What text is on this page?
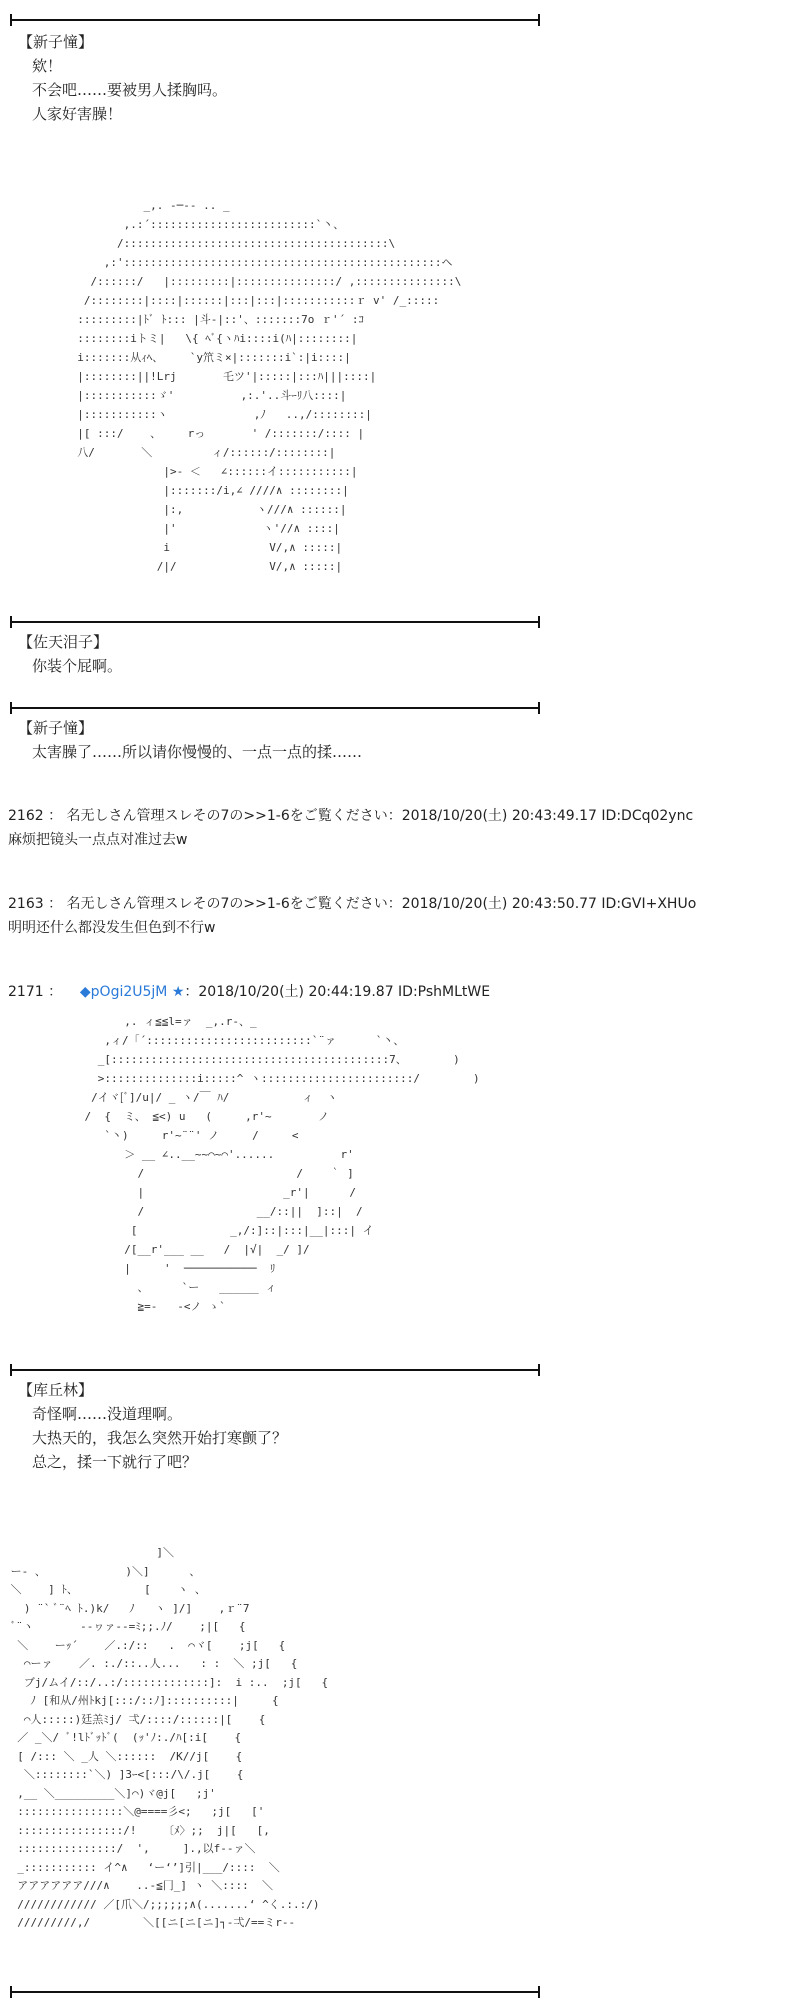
【新子憧】
欸！
不会吧……要被男人揉胸吗。
人家好害臊！
_,. -─-- .. _
,.:´:::::::::::::::::::::::::`丶、
/::::::::::::::::::::::::::::::::::::::::\
,:'::::::::::::::::::::::::::::::::::::::::::::::::ヘ
/::::::/   |:::::::::|:::::::::::::::/ ,:::::::::::::::\
/::::::::|::::|::::::|:::|:::|:::::::::::ｒ v' /_:::::
:::::::::|ﾄﾞ ﾄ::: |斗-|::'、:::::::7o ｒ'´ :ｺ
::::::::iトミ|   \{ ﾍﾞ{ヽﾊi::::i(ﾊ|::::::::|
i:::::::从ｨﾍ、    `y笊ミ×|:::::::i`:|i::::|
|::::::::||!Lrj       乇ツ'|:::::|:::ﾊ|||::::|
|:::::::::::ゞ'          ,:.'..斗ｰﾘ八::::|
|:::::::::::ヽ             ,ﾉ   ..,/::::::::|
|[ :::/    、    rっ       ' /:::::::/:::: |
八/       ＼         ィ/::::::/::::::::|
|>- ＜   ∠::::::イ:::::::::::|
|:::::::/i,∠ ////∧ ::::::::|
|:,           ヽ///∧ ::::::|
|'             ヽ'//∧ ::::|
i               V/,∧ :::::|
/|/              V/,∧ :::::|
【佐天泪子】
你装个屁啊。
【新子憧】
太害臊了……所以请你慢慢的、一点一点的揉……
2162 ： 名无しさん管理スレその7の>>1-6をご覧ください：2018/10/20(土) 20:43:49.17 ID:DCq02ync
麻烦把镜头一点点对准过去w
2163 ： 名无しさん管理スレその7の>>1-6をご覧ください：2018/10/20(土) 20:43:50.77 ID:GVI+XHUo
明明还什么都没发生但色到不行w
2171 ： ◆pOgi2U5jM ★：2018/10/20(土) 20:44:19.87 ID:PshMLtWE
,. ィ≦≦l=ァ  _,.r‐、_
,ィ/「´:::::::::::::::::::::::::`¨ァ      `丶、
_[::::::::::::::::::::::::::::::::::::::::::7、       )
>::::::::::::::i:::::^ ヽ:::::::::::::::::::::::/        )
/イヾ[ﾞ]/u|/ _ ヽ/￣ ﾊ/           ィ  ヽ
/  {  ミ、 ≦<) u   (     ,r'~       ノ
`丶)     r'~¨¨' ノ     /     <
＞ __ ∠..__~~⌒~⌒'......          r'
/                       /    ｀ ]
|                     _r'|      /
/                 __/::||  ]::|  /
[              _,/:]::|:::|__|:::| イ
/[__r'___ __   /  |√|  _/ ]/
|     '  ───────────  ﾘ
、     `ー   ______ ィ
≧=-   -<ノ ゝ`
【库丘林】
奇怪啊……没道理啊。
大热天的，我怎么突然开始打寒颤了？
总之，揉一下就行了吧？
]＼
ー- 、            )＼]      、
＼    ] ﾄ、          [    ヽ 、
) ¨` ﾞ¨ﾍ ﾄ.)k/   ﾉ   ヽ ]/]    ,ｒ¨7
ﾞ¨ヽ       --ヮァ--=ﾐ;;.ﾉ/    ;|[   {
＼    ーｯ´    ／.:/::   .  ⌒ヾ[    ;j[   {
⌒ーァ    ／. :./::..人...   : :  ＼ ;j[   {
ブj/ムイ/::/..:/:::::::::::::]:  i :..  ;j[   {
ﾉ [和从/州ﾄkj[:::/::ﾉ]::::::::::|     {
⌒人:::::)廷羔ﾐj/ 弌/::::/::::::|[    {
／ _＼/ ﾞ!lﾄﾞｯﾄﾞ(  (ｯ'ﾉ:./ﾊ[:i[    {
[ /::: ＼ _人 ＼::::::  /K//j[    {
＼::::::::`＼) ]3ｰ<[:::/\/.j[    {
,__ ＼_________＼]⌒)ヾ@j[   ;j'
::::::::::::::::＼@====彡<;   ;j[   ['
::::::::::::::::/!    〔ﾒ〉;;  j|[   [,
:::::::::::::::/  ',     ].,以f‐‐ァ＼
_::::::::::: イ^∧   ‘ー‘’]引|___/::::  ＼
アアアアアア///∧    ..-≦冂_] ヽ ＼::::  ＼
//////////// ／[爪＼/;;;;;;∧(.......‘ ^く.:.:/)
/////////,/        ＼[[ニ[ニ[ニ]┐-弌/==ミr--
